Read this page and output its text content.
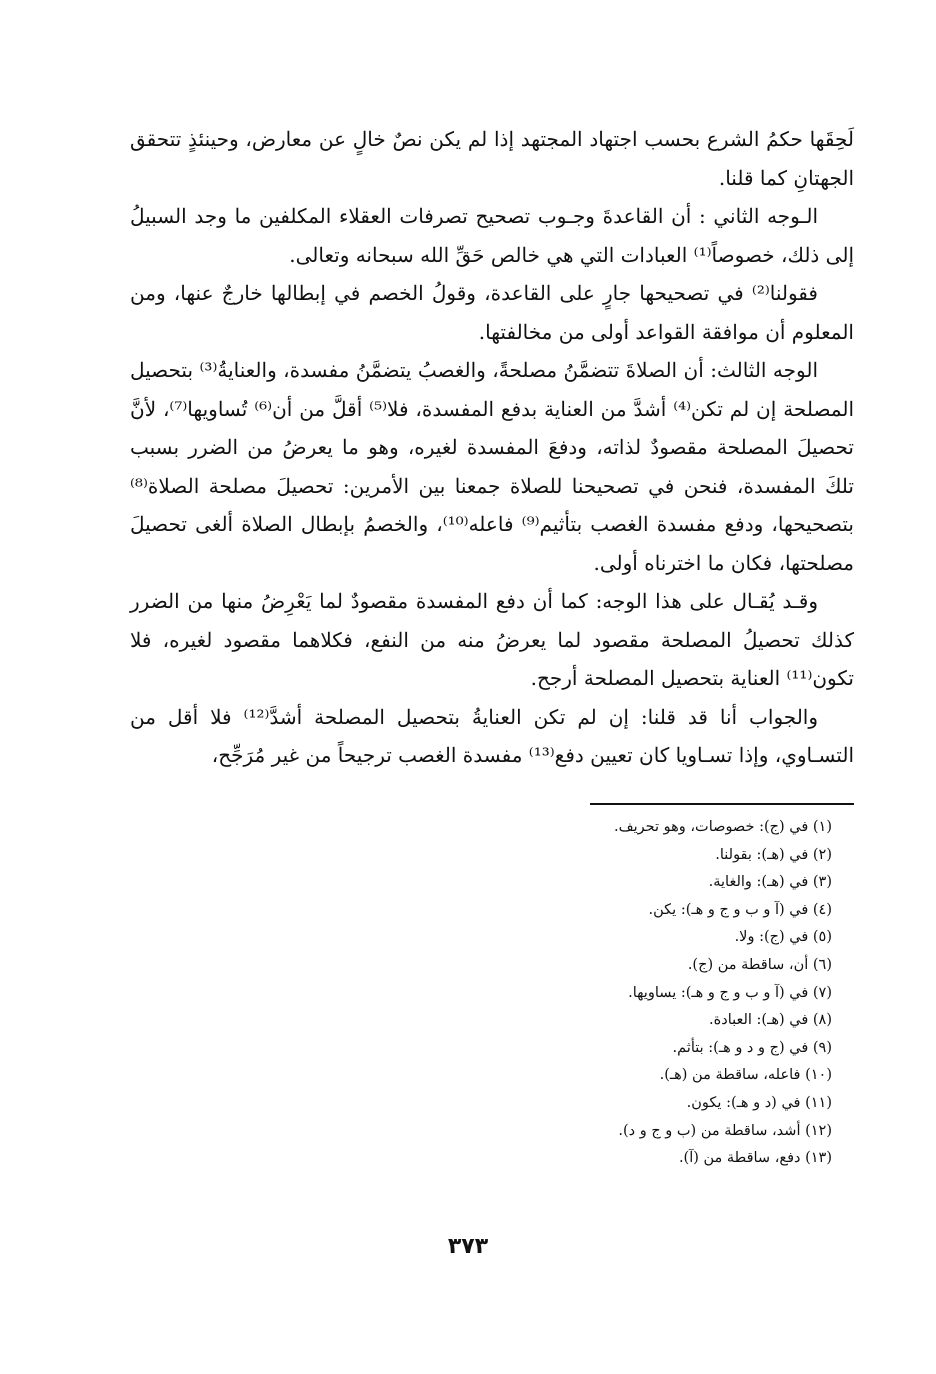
لَحِقَها حكمُ الشرع بحسب اجتهاد المجتهد إذا لم يكن نصٌ خالٍ عن معارض، وحينئذٍ تتحقق الجهتانِ كما قلنا.

الـوجه الثاني : أن القاعدةَ وجـوب تصحيح تصرفات العقلاء المكلفين ما وجد السبيلُ إلى ذلك، خصوصاً⁽¹⁾ العبادات التي هي خالص حَقِّ الله سبحانه وتعالى.

فقولنا⁽²⁾ في تصحيحها جارٍ على القاعدة، وقولُ الخصم في إبطالها خارجٌ عنها، ومن المعلوم أن موافقة القواعد أولى من مخالفتها.

الوجه الثالث: أن الصلاةَ تتضمَّنُ مصلحةً، والغصبُ يتضمَّنُ مفسدة، والعنايةُ⁽³⁾ بتحصيل المصلحة إن لم تكن⁽⁴⁾ أشدَّ من العناية بدفع المفسدة، فلا⁽⁵⁾ أقلَّ من أن⁽⁶⁾ تُساويها⁽⁷⁾، لأنَّ تحصيلَ المصلحة مقصودٌ لذاته، ودفعَ المفسدة لغيره، وهو ما يعرضُ من الضرر بسبب تلكَ المفسدة، فنحن في تصحيحنا للصلاة جمعنا بين الأمرين: تحصيلَ مصلحة الصلاة⁽⁸⁾ بتصحيحها، ودفع مفسدة الغصب بتأثيم⁽⁹⁾ فاعله⁽¹⁰⁾، والخصمُ بإبطال الصلاة ألغى تحصيلَ مصلحتها، فكان ما اخترناه أولى.

وقـد يُقـال على هذا الوجه: كما أن دفع المفسدة مقصودٌ لما يَعْرِضُ منها من الضرر كذلك تحصيلُ المصلحة مقصود لما يعرضُ منه من النفع، فكلاهما مقصود لغيره، فلا تكون⁽¹¹⁾ العناية بتحصيل المصلحة أرجح.

والجواب أنا قد قلنا: إن لم تكن العنايةُ بتحصيل المصلحة أشدَّ⁽¹²⁾ فلا أقل من التسـاوي، وإذا تسـاويا كان تعيين دفع⁽¹³⁾ مفسدة الغصب ترجيحاً من غير مُرَجِّح،

(١) في (ج): خصوصات، وهو تحريف.

(٢) في (هـ): بقولنا.

(٣) في (هـ): والغاية.

(٤) في (آ و ب و ج و هـ): يكن.

(٥) في (ج): ولا.

(٦) أن، ساقطة من (ج).

(٧) في (آ و ب و ج و هـ): يساويها.

(٨) في (هـ): العبادة.

(٩) في (ج و د و هـ): بتأثم.

(١٠) فاعله، ساقطة من (هـ).

(١١) في (د و هـ): يكون.

(١٢) أشد، ساقطة من (ب و ج و د).

(١٣) دفع، ساقطة من (آ).

٣٧٣
